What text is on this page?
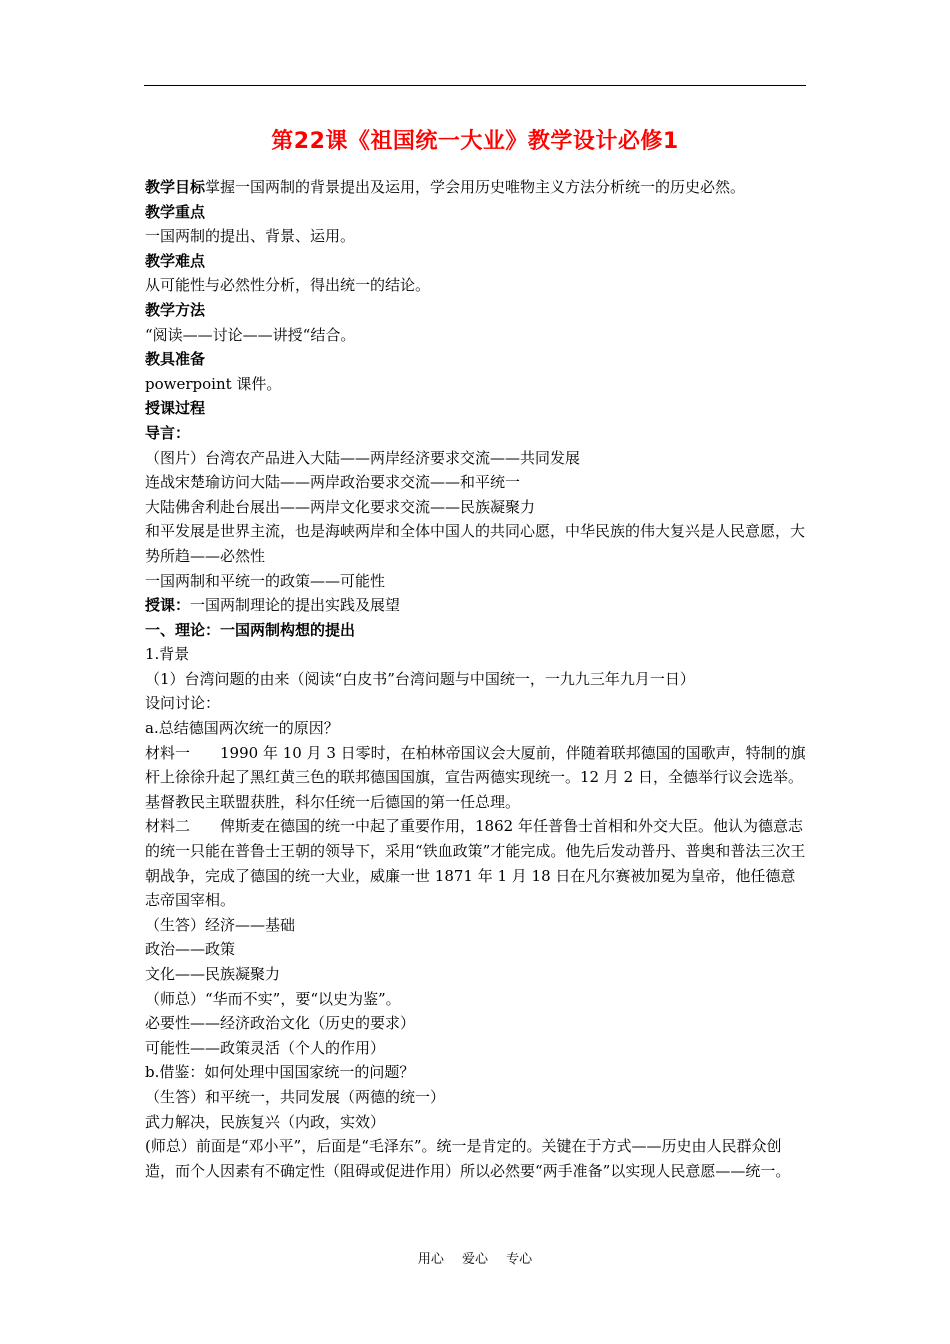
第22课《祖国统一大业》教学设计必修1
教学目标掌握一国两制的背景提出及运用，学会用历史唯物主义方法分析统一的历史必然。
教学重点
一国两制的提出、背景、运用。
教学难点
从可能性与必然性分析，得出统一的结论。
教学方法
“阅读——讨论——讲授“结合。
教具准备
powerpoint 课件。
授课过程
导言：
（图片）台湾农产品进入大陆——两岸经济要求交流——共同发展
连战宋楚瑜访问大陆——两岸政治要求交流——和平统一
大陆佛舍利赴台展出——两岸文化要求交流——民族凝聚力
和平发展是世界主流，也是海峡两岸和全体中国人的共同心愿，中华民族的伟大复兴是人民意愿，大势所趋——必然性
一国两制和平统一的政策——可能性
授课：一国两制理论的提出实践及展望
一、理论：一国两制构想的提出
1.背景
（1）台湾问题的由来（阅读“白皮书”台湾问题与中国统一，一九九三年九月一日）
设问讨论：
a.总结德国两次统一的原因？
材料一 1990 年 10 月 3 日零时，在柏林帝国议会大厦前，伴随着联邦德国的国歌声，特制的旗杆上徐徐升起了黑红黄三色的联邦德国国旗，宣告两德实现统一。12 月 2 日，全德举行议会选举。基督教民主联盟获胜，科尔任统一后德国的第一任总理。
材料二 俾斯麦在德国的统一中起了重要作用，1862 年任普鲁士首相和外交大臣。他认为德意志的统一只能在普鲁士王朝的领导下，采用“铁血政策”才能完成。他先后发动普丹、普奥和普法三次王朝战争，完成了德国的统一大业，威廉一世 1871 年 1 月 18 日在凡尔赛被加冕为皇帝，他任德意志帝国宰相。
（生答）经济——基础
政治——政策
文化——民族凝聚力
（师总）“华而不实”，要“以史为鉴”。
必要性——经济政治文化（历史的要求）
可能性——政策灵活（个人的作用）
b.借鉴：如何处理中国国家统一的问题？
（生答）和平统一，共同发展（两德的统一）
武力解决，民族复兴（内政，实效）
(师总）前面是“邓小平”，后面是“毛泽东”。统一是肯定的。关键在于方式——历史由人民群众创造，而个人因素有不确定性（阻碍或促进作用）所以必然要“两手准备”以实现人民意愿——统一。
用心 爱心 专心
